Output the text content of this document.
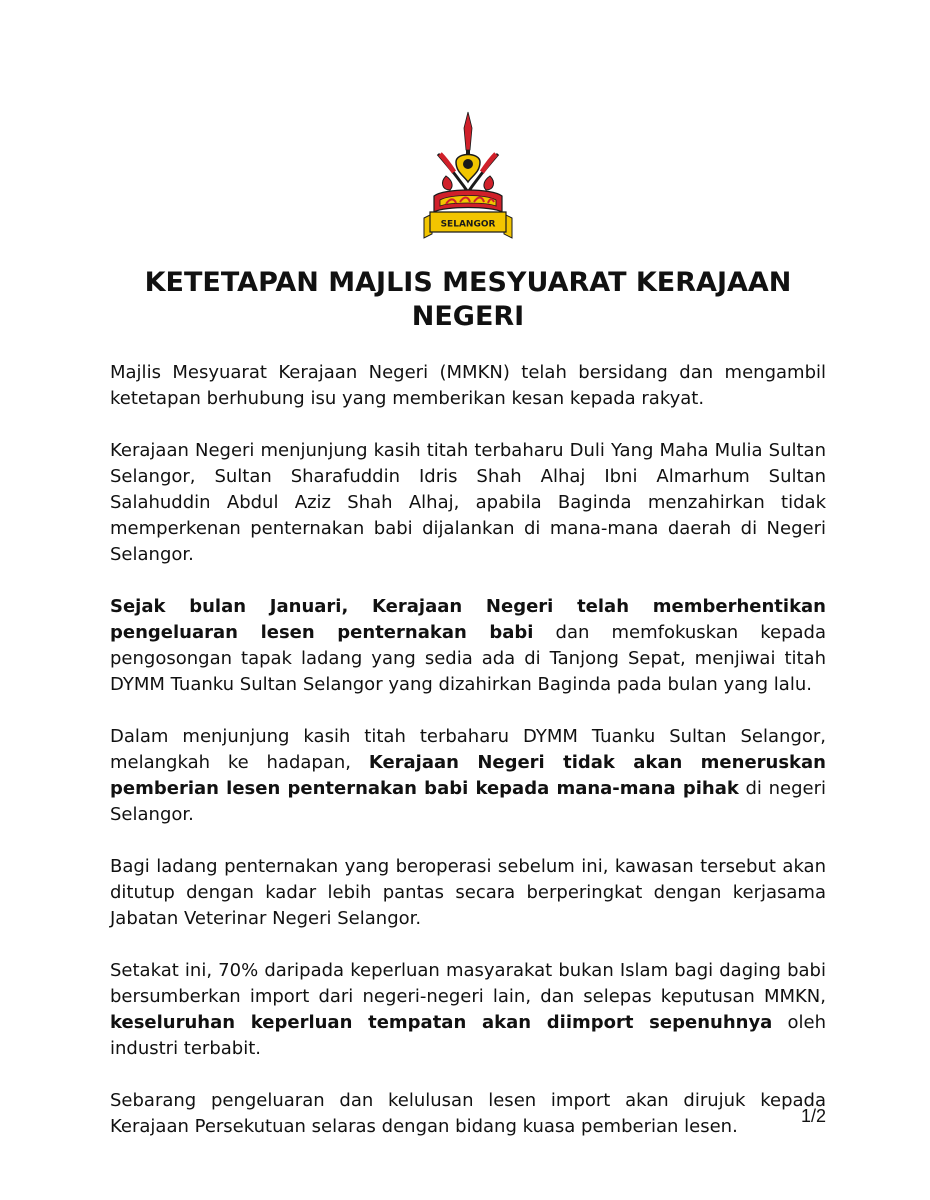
SELANGOR
KETETAPAN MAJLIS MESYUARAT KERAJAAN NEGERI

Majlis Mesyuarat Kerajaan Negeri (MMKN) telah bersidang dan mengambil ketetapan berhubung isu yang memberikan kesan kepada rakyat.

Kerajaan Negeri menjunjung kasih titah terbaharu Duli Yang Maha Mulia Sultan Selangor, Sultan Sharafuddin Idris Shah Alhaj Ibni Almarhum Sultan Salahuddin Abdul Aziz Shah Alhaj, apabila Baginda menzahirkan tidak memperkenan penternakan babi dijalankan di mana-mana daerah di Negeri Selangor.

Sejak bulan Januari, Kerajaan Negeri telah memberhentikan pengeluaran lesen penternakan babi dan memfokuskan kepada pengosongan tapak ladang yang sedia ada di Tanjong Sepat, menjiwai titah DYMM Tuanku Sultan Selangor yang dizahirkan Baginda pada bulan yang lalu.

Dalam menjunjung kasih titah terbaharu DYMM Tuanku Sultan Selangor, melangkah ke hadapan, Kerajaan Negeri tidak akan meneruskan pemberian lesen penternakan babi kepada mana-mana pihak di negeri Selangor.

Bagi ladang penternakan yang beroperasi sebelum ini, kawasan tersebut akan ditutup dengan kadar lebih pantas secara berperingkat dengan kerjasama Jabatan Veterinar Negeri Selangor.

Setakat ini, 70% daripada keperluan masyarakat bukan Islam bagi daging babi bersumberkan import dari negeri-negeri lain, dan selepas keputusan MMKN, keseluruhan keperluan tempatan akan diimport sepenuhnya oleh industri terbabit.

Sebarang pengeluaran dan kelulusan lesen import akan dirujuk kepada Kerajaan Persekutuan selaras dengan bidang kuasa pemberian lesen.	1/2
